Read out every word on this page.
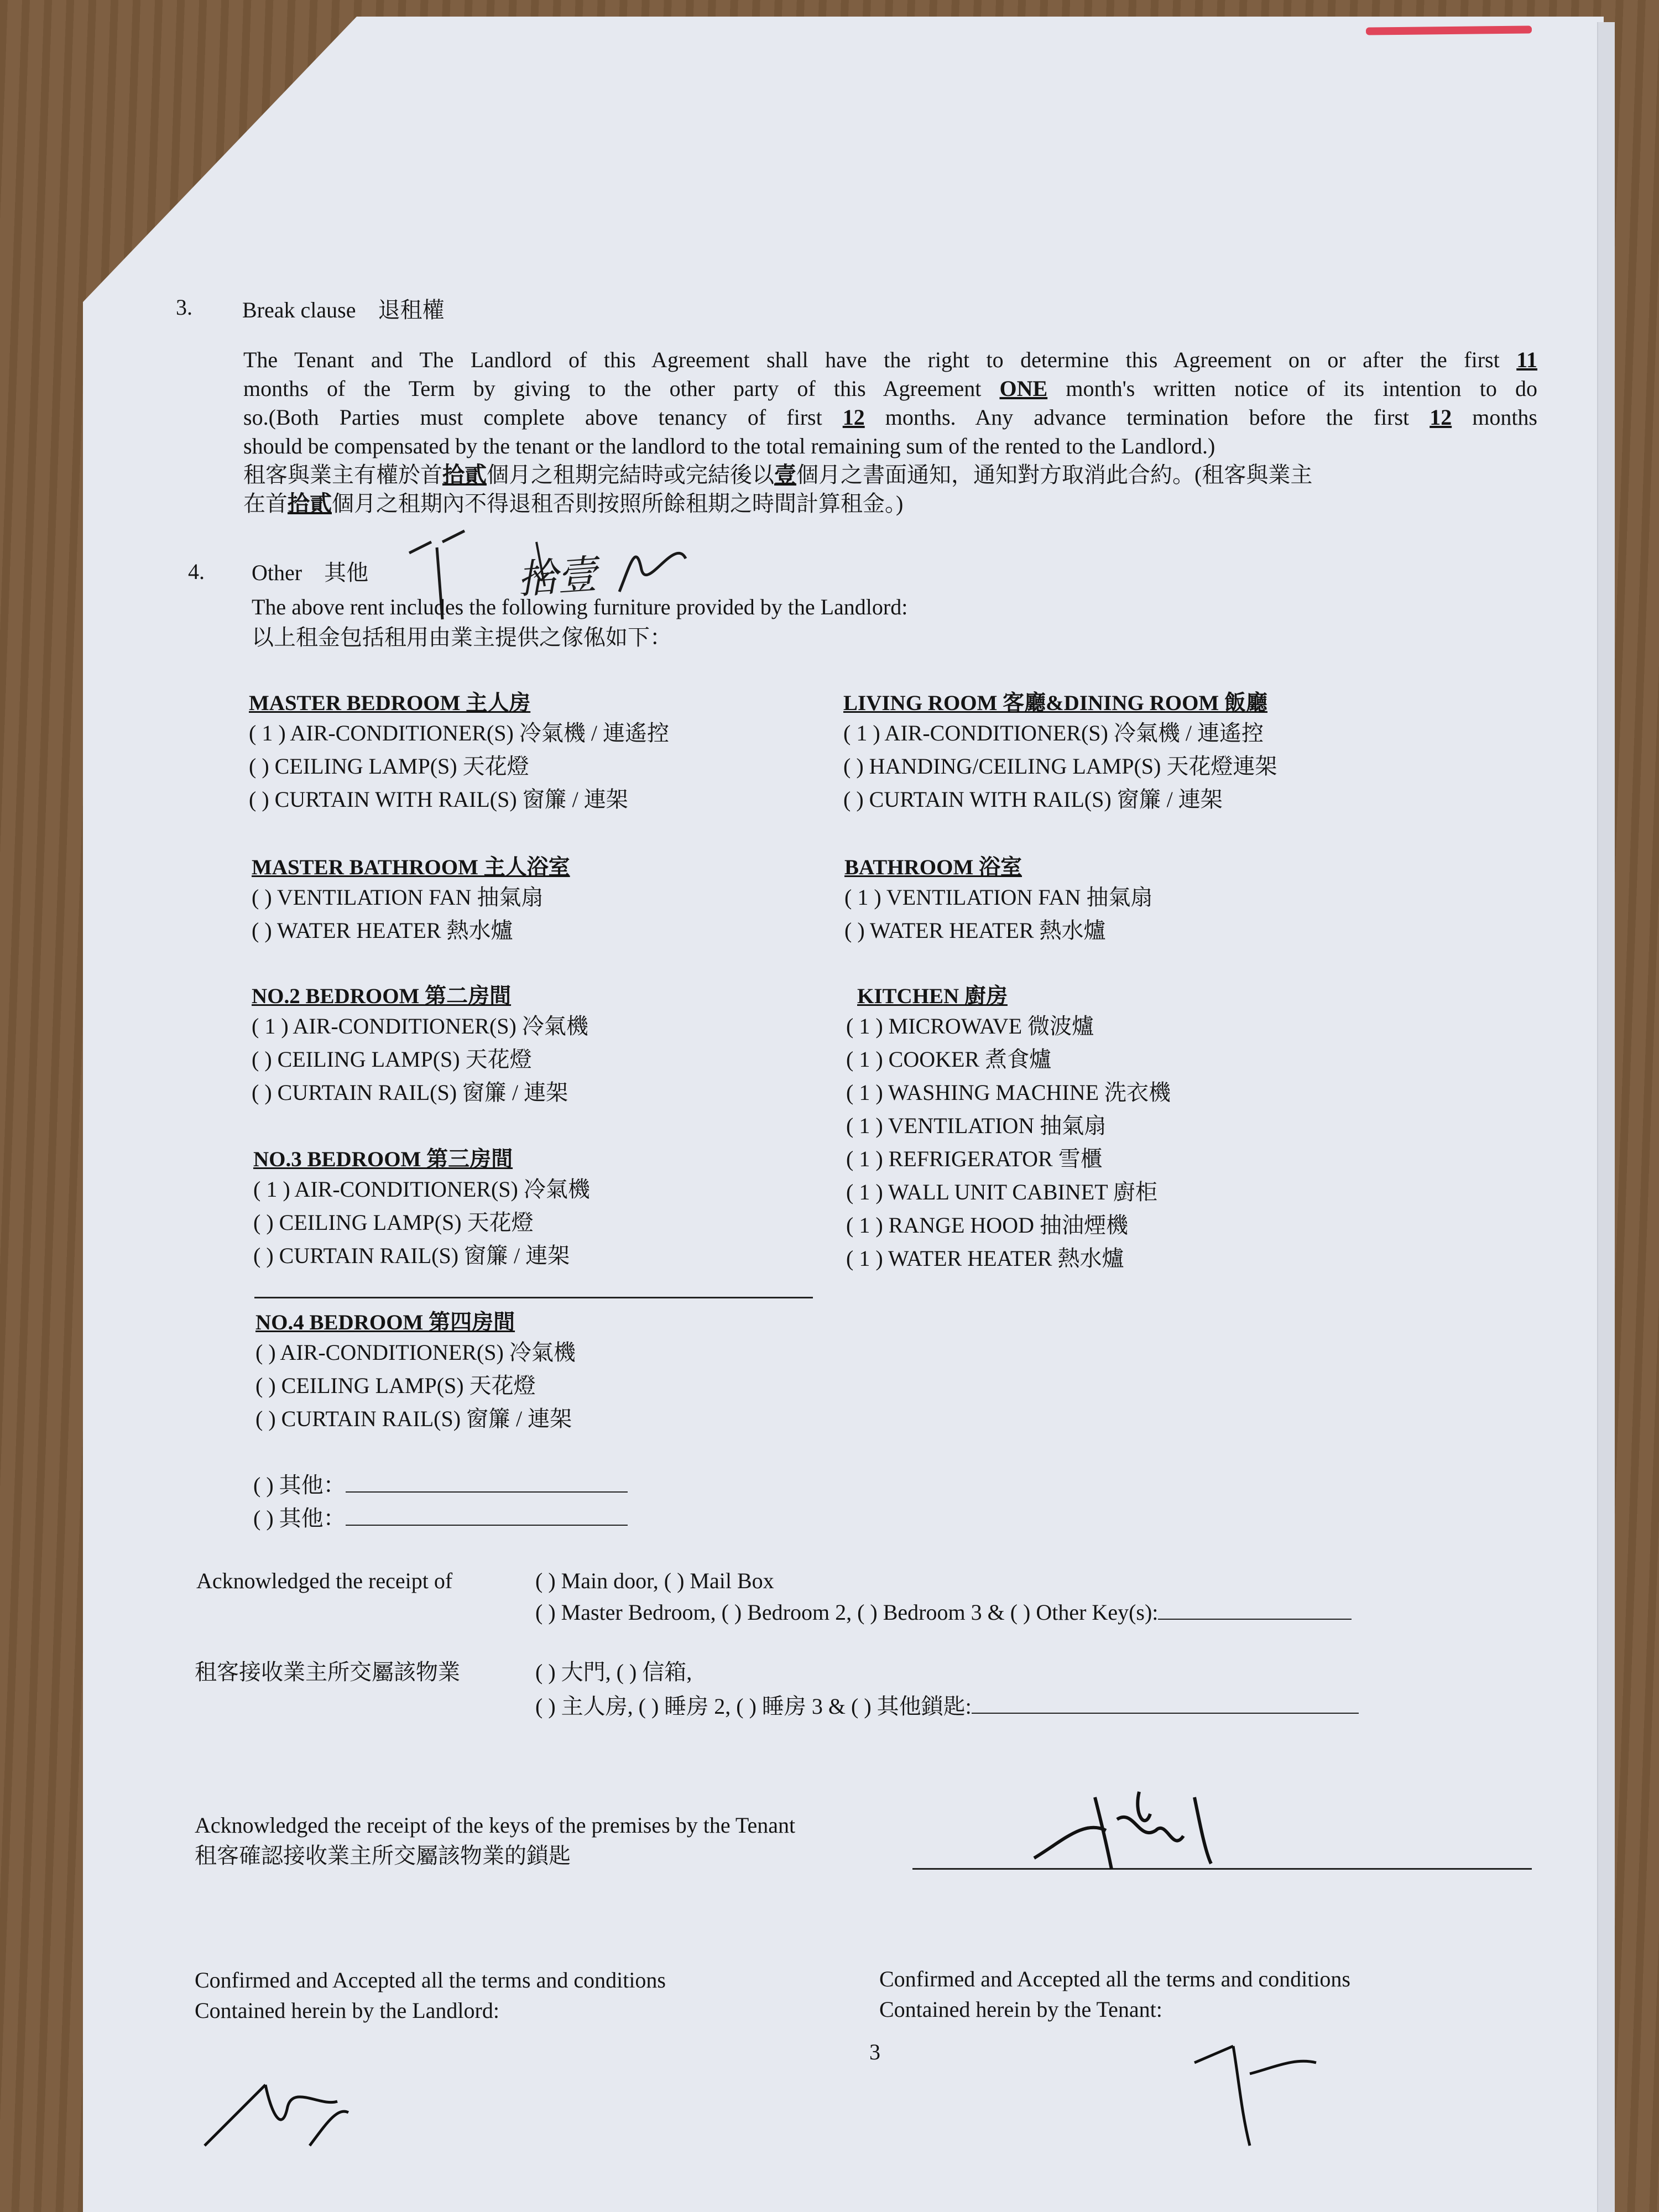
3. Break clause　退租權
The Tenant and The Landlord of this Agreement shall have the right to determine this Agreement on or after the first 11
months of the Term by giving to the other party of this Agreement ONE month's written notice of its intention to do
so.(Both Parties must complete above tenancy of first 12 months. Any advance termination before the first 12 months
should be compensated by the tenant or the landlord to the total remaining sum of the rented to the Landlord.)
租客與業主有權於首拾貳個月之租期完結時或完結後以壹個月之書面通知，通知對方取消此合約。(租客與業主
在首拾貳個月之租期內不得退租否則按照所餘租期之時間計算租金。)
4. Other　其他	拾壹
The above rent includes the following furniture provided by the Landlord:
以上租金包括租用由業主提供之傢俬如下：
MASTER BEDROOM 主人房
( 1 ) AIR-CONDITIONER(S) 冷氣機 / 連遙控
( ) CEILING LAMP(S) 天花燈
( ) CURTAIN WITH RAIL(S) 窗簾 / 連架
MASTER BATHROOM 主人浴室
( ) VENTILATION FAN 抽氣扇
( ) WATER HEATER 熱水爐
NO.2 BEDROOM 第二房間
( 1 ) AIR-CONDITIONER(S) 冷氣機
( ) CEILING LAMP(S) 天花燈
( ) CURTAIN RAIL(S) 窗簾 / 連架
NO.3 BEDROOM 第三房間
( 1 ) AIR-CONDITIONER(S) 冷氣機
( ) CEILING LAMP(S) 天花燈
( ) CURTAIN RAIL(S) 窗簾 / 連架
NO.4 BEDROOM 第四房間
( ) AIR-CONDITIONER(S) 冷氣機
( ) CEILING LAMP(S) 天花燈
( ) CURTAIN RAIL(S) 窗簾 / 連架
( ) 其他：
( ) 其他：
LIVING ROOM 客廳&DINING ROOM 飯廳
( 1 ) AIR-CONDITIONER(S) 冷氣機 / 連遙控
( ) HANDING/CEILING LAMP(S) 天花燈連架
( ) CURTAIN WITH RAIL(S) 窗簾 / 連架
BATHROOM 浴室
( 1 ) VENTILATION FAN 抽氣扇
( ) WATER HEATER 熱水爐
KITCHEN 廚房
( 1 ) MICROWAVE 微波爐
( 1 ) COOKER 煮食爐
( 1 ) WASHING MACHINE 洗衣機
( 1 ) VENTILATION 抽氣扇
( 1 ) REFRIGERATOR 雪櫃
( 1 ) WALL UNIT CABINET 廚柜
( 1 ) RANGE HOOD 抽油煙機
( 1 ) WATER HEATER 熱水爐
Acknowledged the receipt of	( ) Main door, ( ) Mail Box
( ) Master Bedroom, ( ) Bedroom 2, ( ) Bedroom 3 & ( ) Other Key(s):
租客接收業主所交屬該物業	( ) 大門, ( ) 信箱,
( ) 主人房, ( ) 睡房 2, ( ) 睡房 3 & ( ) 其他鎖匙:
Acknowledged the receipt of the keys of the premises by the Tenant
租客確認接收業主所交屬該物業的鎖匙
Confirmed and Accepted all the terms and conditions
Contained herein by the Landlord:
Confirmed and Accepted all the terms and conditions
Contained herein by the Tenant:
3
